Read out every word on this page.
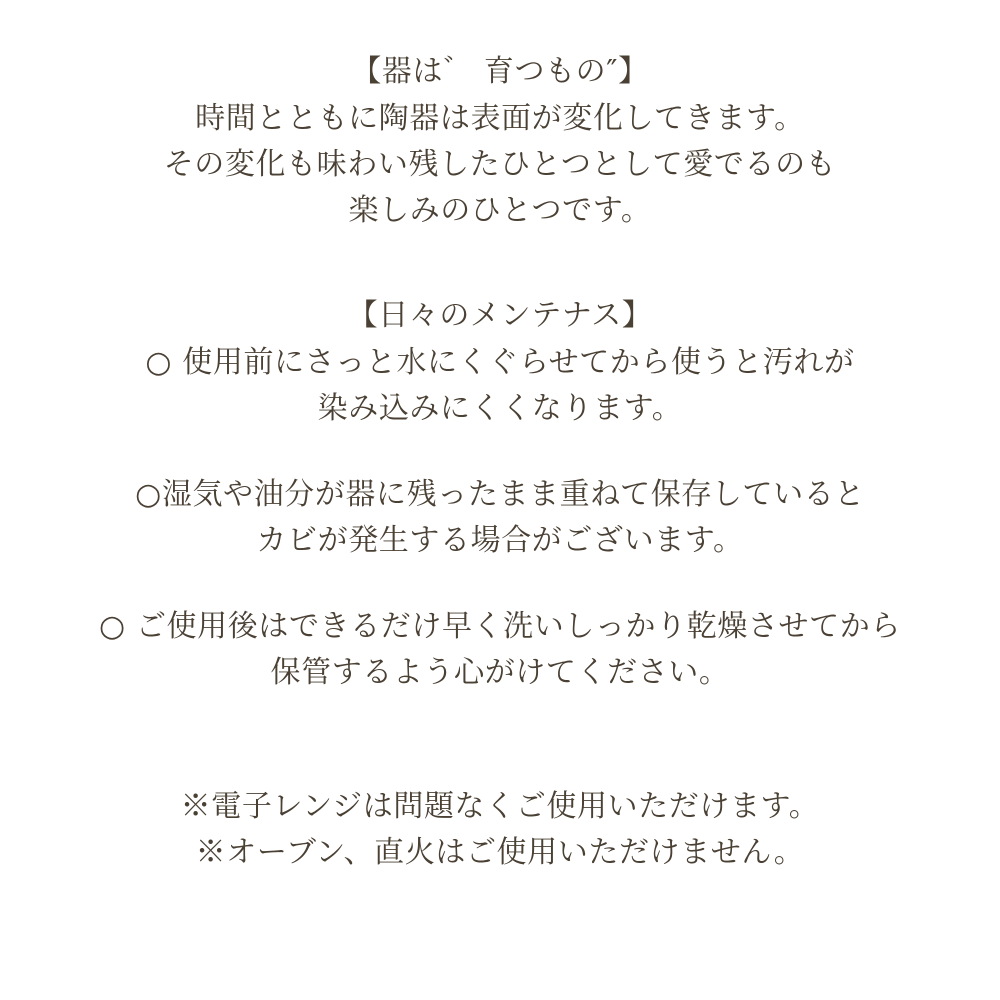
【器は゛ 育つもの″】
時間とともに陶器は表面が変化してきます。
その変化も味わい残したひとつとして愛でるのも
楽しみのひとつです。
【日々のメンテナス】
○ 使用前にさっと水にくぐらせてから使うと汚れが
染み込みにくくなります。
○湿気や油分が器に残ったまま重ねて保存していると
カビが発生する場合がございます。
○ ご使用後はできるだけ早く洗いしっかり乾燥させてから
保管するよう心がけてください。
※電子レンジは問題なくご使用いただけます。
※オーブン、直火はご使用いただけません。
